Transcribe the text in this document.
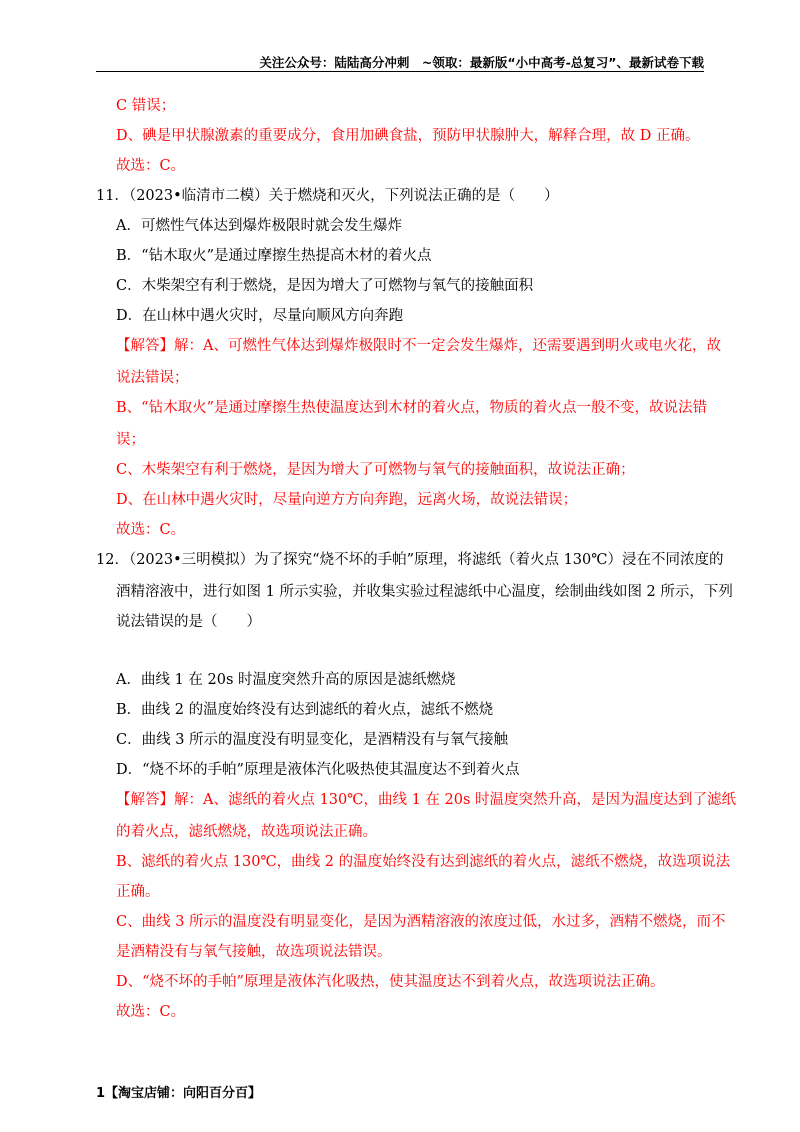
关注公众号：陆陆高分冲刺　~领取：最新版“小中高考-总复习”、最新试卷下载
C 错误；
D、碘是甲状腺激素的重要成分，食用加碘食盐，预防甲状腺肿大，解释合理，故 D 正确。
故选：C。
11．（2023•临清市二模）关于燃烧和灭火，下列说法正确的是（　　）
A．可燃性气体达到爆炸极限时就会发生爆炸
B．“钻木取火”是通过摩擦生热提高木材的着火点
C．木柴架空有利于燃烧，是因为增大了可燃物与氧气的接触面积
D．在山林中遇火灾时，尽量向顺风方向奔跑
【解答】解：A、可燃性气体达到爆炸极限时不一定会发生爆炸，还需要遇到明火或电火花，故
说法错误；
B、“钻木取火”是通过摩擦生热使温度达到木材的着火点，物质的着火点一般不变，故说法错
误；
C、木柴架空有利于燃烧，是因为增大了可燃物与氧气的接触面积，故说法正确；
D、在山林中遇火灾时，尽量向逆方方向奔跑，远离火场，故说法错误；
故选：C。
12．（2023•三明模拟）为了探究“烧不坏的手帕”原理，将滤纸（着火点 130℃）浸在不同浓度的
酒精溶液中，进行如图 1 所示实验，并收集实验过程滤纸中心温度，绘制曲线如图 2 所示，下列
说法错误的是（　　）
A．曲线 1 在 20s 时温度突然升高的原因是滤纸燃烧
B．曲线 2 的温度始终没有达到滤纸的着火点，滤纸不燃烧
C．曲线 3 所示的温度没有明显变化，是酒精没有与氧气接触
D．“烧不坏的手帕”原理是液体汽化吸热使其温度达不到着火点
【解答】解：A、滤纸的着火点 130℃，曲线 1 在 20s 时温度突然升高，是因为温度达到了滤纸
的着火点，滤纸燃烧，故选项说法正确。
B、滤纸的着火点 130℃，曲线 2 的温度始终没有达到滤纸的着火点，滤纸不燃烧，故选项说法
正确。
C、曲线 3 所示的温度没有明显变化，是因为酒精溶液的浓度过低，水过多，酒精不燃烧，而不
是酒精没有与氧气接触，故选项说法错误。
D、“烧不坏的手帕”原理是液体汽化吸热，使其温度达不到着火点，故选项说法正确。
故选：C。
1【淘宝店铺：向阳百分百】
